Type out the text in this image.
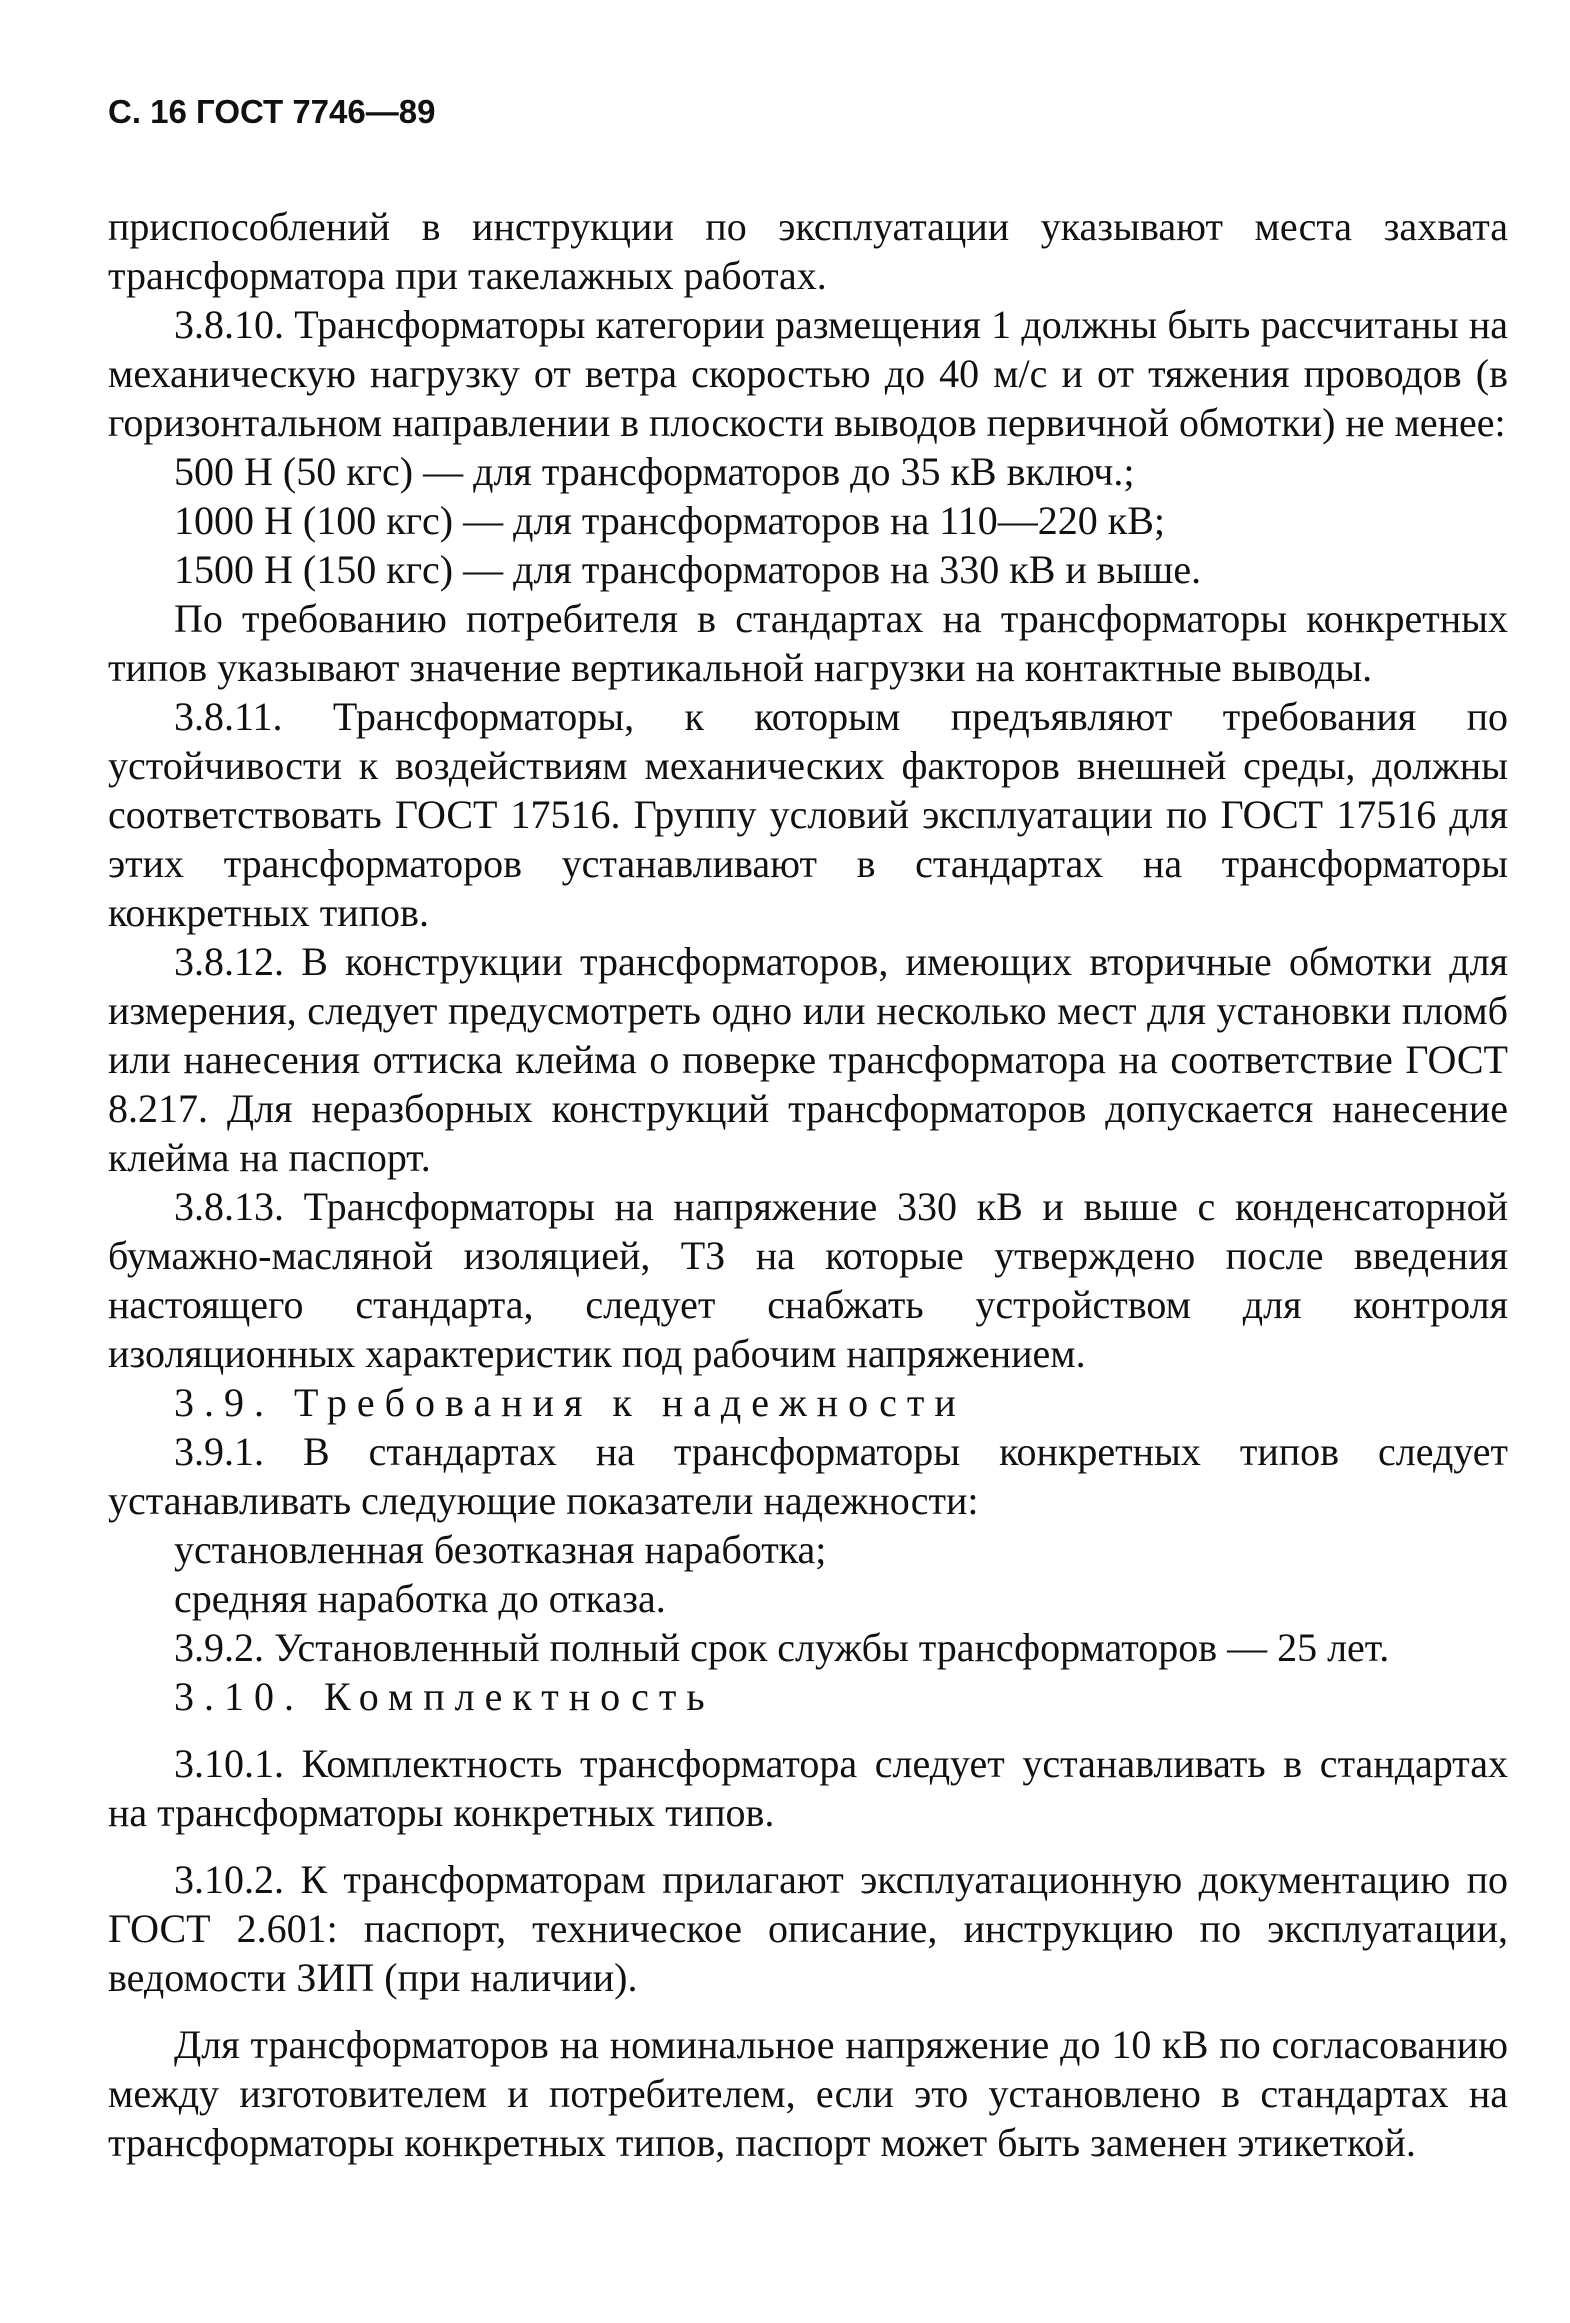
С. 16 ГОСТ 7746—89

приспособлений в инструкции по эксплуатации указывают места захвата трансформатора при такелажных работах.

3.8.10. Трансформаторы категории размещения 1 должны быть рассчитаны на механическую нагрузку от ветра скоростью до 40 м/с и от тяжения проводов (в горизонтальном направлении в плоскости выводов первичной обмотки) не менее:

500 Н (50 кгс) — для трансформаторов до 35 кВ включ.;
1000 Н (100 кгс) — для трансформаторов на 110—220 кВ;
1500 Н (150 кгс) — для трансформаторов на 330 кВ и выше.

По требованию потребителя в стандартах на трансформаторы конкретных типов указывают значение вертикальной нагрузки на контактные выводы.

3.8.11. Трансформаторы, к которым предъявляют требования по устойчивости к воздействиям механических факторов внешней среды, должны соответствовать ГОСТ 17516. Группу условий эксплуатации по ГОСТ 17516 для этих трансформаторов устанавливают в стандартах на трансформаторы конкретных типов.

3.8.12. В конструкции трансформаторов, имеющих вторичные обмотки для измерения, следует предусмотреть одно или несколько мест для установки пломб или нанесения оттиска клейма о поверке трансформатора на соответствие ГОСТ 8.217. Для неразборных конструкций трансформаторов допускается нанесение клейма на паспорт.

3.8.13. Трансформаторы на напряжение 330 кВ и выше с конденсаторной бумажно-масляной изоляцией, ТЗ на которые утверждено после введения настоящего стандарта, следует снабжать устройством для контроля изоляционных характеристик под рабочим напряжением.

3.9. Требования к надежности

3.9.1. В стандартах на трансформаторы конкретных типов следует устанавливать следующие показатели надежности:

установленная безотказная наработка;
средняя наработка до отказа.

3.9.2. Установленный полный срок службы трансформаторов — 25 лет.

3.10. Комплектность

3.10.1. Комплектность трансформатора следует устанавливать в стандартах на трансформаторы конкретных типов.

3.10.2. К трансформаторам прилагают эксплуатационную документацию по ГОСТ 2.601: паспорт, техническое описание, инструкцию по эксплуатации, ведомости ЗИП (при наличии).

Для трансформаторов на номинальное напряжение до 10 кВ по согласованию между изготовителем и потребителем, если это установлено в стандартах на трансформаторы конкретных типов, паспорт может быть заменен этикеткой.
